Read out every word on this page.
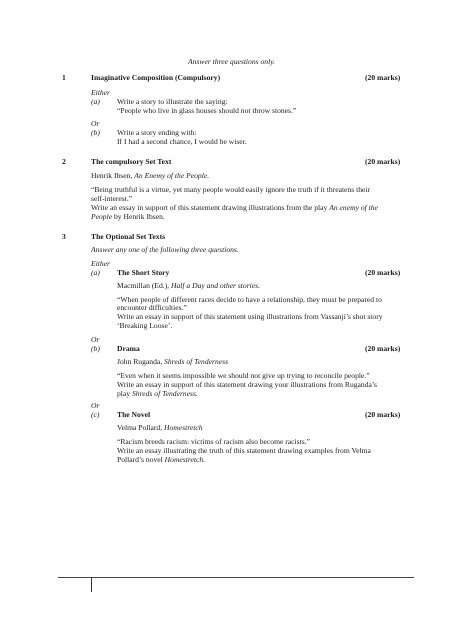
Answer three questions only.
1	Imaginative Composition (Compulsory)	(20 marks)
Either
(a) Write a story to illustrate the saying:
“People who live in glass houses should not throw stones.”
Or
(b) Write a story ending with:
If I had a second chance, I would be wiser.
2	The compulsory Set Text	(20 marks)
Henrik Ibsen, An Enemy of the People.
“Being truthful is a virtue, yet many people would easily ignore the truth if it threatens their
self-interest.”
Write an essay in support of this statement drawing illustrations from the play An enemy of the
People by Henrik Ibsen.
3	The Optional Set Texts
Answer any one of the following three questions.
Either
(a) The Short Story	(20 marks)
Macmillan (Ed.), Half a Day and other stories.
“When people of different races decide to have a relationship, they must be prepared to
encounter difficulties.”
Write an essay in support of this statement using illustrations from Vassanji’s shot story
‘Breaking Loose’.
Or
(b) Drama	(20 marks)
John Ruganda, Shreds of Tenderness
“Even when it seems impossible we should not give up trying to reconcile people.”
Write an essay in support of this statement drawing your illustrations from Ruganda’s
play Shreds of Tenderness.
Or
(c) The Novel	(20 marks)
Velma Pollard, Homestretch
“Racism breeds racism: victims of racism also become racists.”
Write an essay illustrating the truth of this statement drawing examples from Velma
Pollard’s novel Homestretch.
